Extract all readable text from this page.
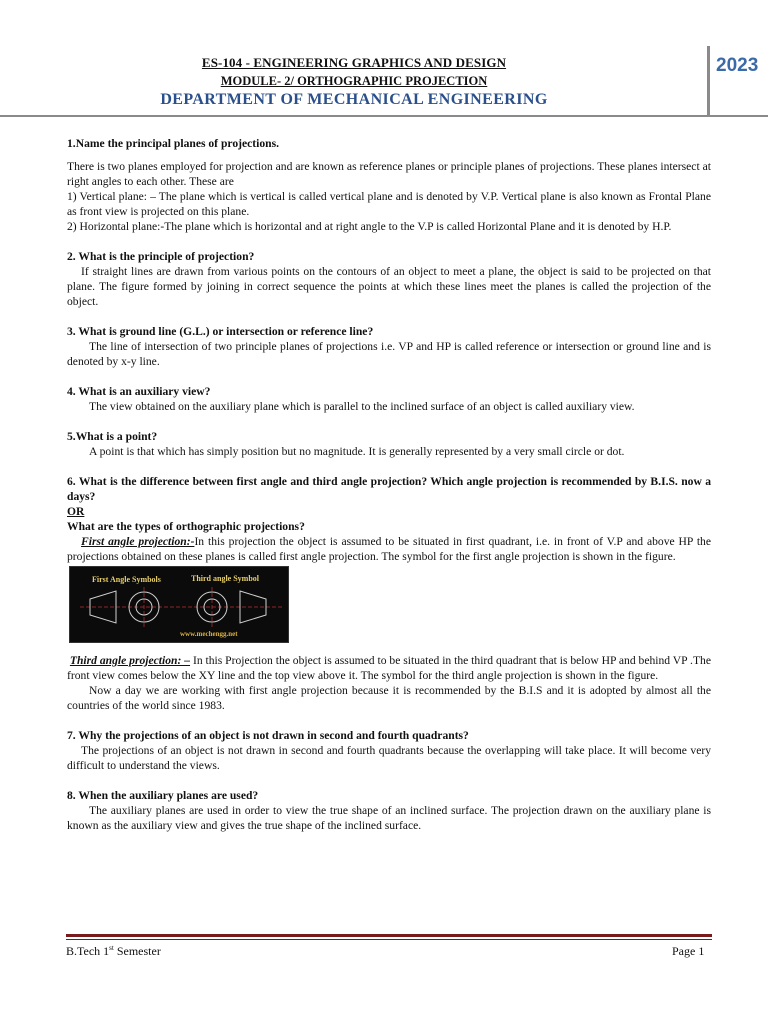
ES-104 - ENGINEERING GRAPHICS AND DESIGN
MODULE- 2/ ORTHOGRAPHIC PROJECTION
DEPARTMENT OF MECHANICAL ENGINEERING
2023

1.Name the principal planes of projections.

There is two planes employed for projection and are known as reference planes or principle planes of projections. These planes intersect at right angles to each other. These are

1) Vertical plane: – The plane which is vertical is called vertical plane and is denoted by V.P. Vertical plane is also known as Frontal Plane as front view is projected on this plane.

2) Horizontal plane:-The plane which is horizontal and at right angle to the V.P is called Horizontal Plane and it is denoted by H.P.

2. What is the principle of projection?

If straight lines are drawn from various points on the contours of an object to meet a plane, the object is said to be projected on that plane. The figure formed by joining in correct sequence the points at which these lines meet the planes is called the projection of the object.

3. What is ground line (G.L.) or intersection or reference line?

The line of intersection of two principle planes of projections i.e. VP and HP is called reference or intersection or ground line and is denoted by x-y line.

4. What is an auxiliary view?

The view obtained on the auxiliary plane which is parallel to the inclined surface of an object is called auxiliary view.

5.What is a point?

A point is that which has simply position but no magnitude. It is generally represented by a very small circle or dot.

6. What is the difference between first angle and third angle projection? Which angle projection is recommended by B.I.S. now a days?

OR

What are the types of orthographic projections?

First angle projection:-In this projection the object is assumed to be situated in first quadrant, i.e. in front of V.P and above HP the projections obtained on these planes is called first angle projection. The symbol for the first angle projection is shown in the figure.

First Angle Symbols	Third angle Symbol
www.mechengg.net

Third angle projection: – In this Projection the object is assumed to be situated in the third quadrant that is below HP and behind VP .The front view comes below the XY line and the top view above it. The symbol for the third angle projection is shown in the figure.

Now a day we are working with first angle projection because it is recommended by the B.I.S and it is adopted by almost all the countries of the world since 1983.

7. Why the projections of an object is not drawn in second and fourth quadrants?

The projections of an object is not drawn in second and fourth quadrants because the overlapping will take place. It will become very difficult to understand the views.

8. When the auxiliary planes are used?

The auxiliary planes are used in order to view the true shape of an inclined surface. The projection drawn on the auxiliary plane is known as the auxiliary view and gives the true shape of the inclined surface.

B.Tech 1st Semester	Page 1
